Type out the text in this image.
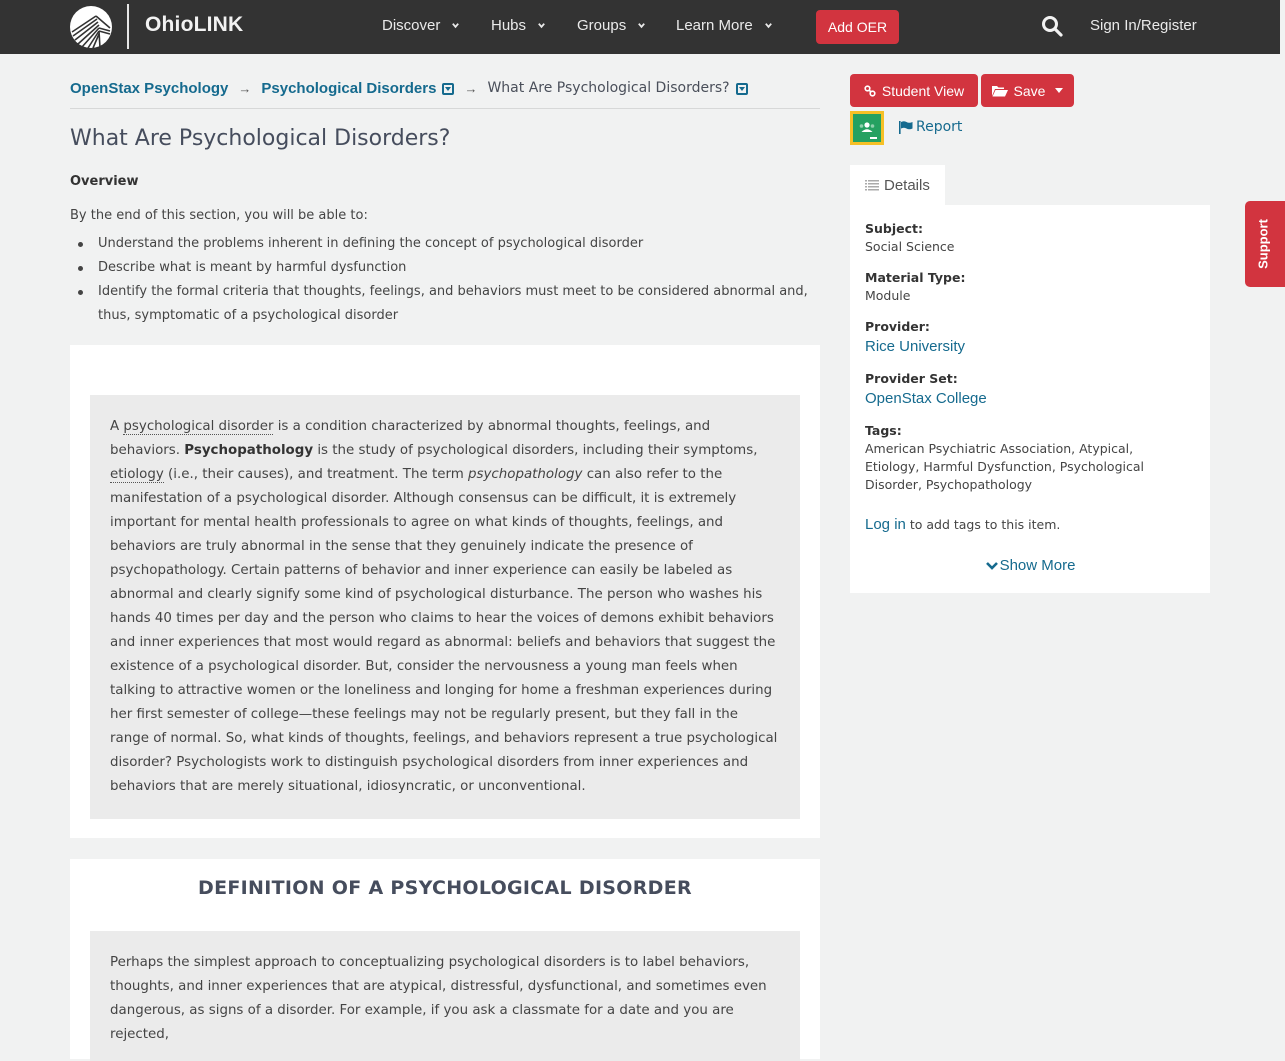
OhioLINK	Discover	Hubs	Groups	Learn More	Add OER	Sign In/Register
OpenStax Psychology → Psychological Disorders → What Are Psychological Disorders?
What Are Psychological Disorders?
Overview

By the end of this section, you will be able to:

Understand the problems inherent in defining the concept of psychological disorder
Describe what is meant by harmful dysfunction
Identify the formal criteria that thoughts, feelings, and behaviors must meet to be considered abnormal and, thus, symptomatic of a psychological disorder
A psychological disorder is a condition characterized by abnormal thoughts, feelings, and behaviors. Psychopathology is the study of psychological disorders, including their symptoms, etiology (i.e., their causes), and treatment. The term psychopathology can also refer to the manifestation of a psychological disorder. Although consensus can be difficult, it is extremely important for mental health professionals to agree on what kinds of thoughts, feelings, and behaviors are truly abnormal in the sense that they genuinely indicate the presence of psychopathology. Certain patterns of behavior and inner experience can easily be labeled as abnormal and clearly signify some kind of psychological disturbance. The person who washes his hands 40 times per day and the person who claims to hear the voices of demons exhibit behaviors and inner experiences that most would regard as abnormal: beliefs and behaviors that suggest the existence of a psychological disorder. But, consider the nervousness a young man feels when talking to attractive women or the loneliness and longing for home a freshman experiences during her first semester of college—these feelings may not be regularly present, but they fall in the range of normal. So, what kinds of thoughts, feelings, and behaviors represent a true psychological disorder? Psychologists work to distinguish psychological disorders from inner experiences and behaviors that are merely situational, idiosyncratic, or unconventional.
DEFINITION OF A PSYCHOLOGICAL DISORDER
Perhaps the simplest approach to conceptualizing psychological disorders is to label behaviors, thoughts, and inner experiences that are atypical, distressful, dysfunctional, and sometimes even dangerous, as signs of a disorder. For example, if you ask a classmate for a date and you are rejected,
Student View	Save
Report
Details
Subject:
Social Science
Material Type:
Module
Provider:
Rice University
Provider Set:
OpenStax College
Tags:
American Psychiatric Association, Atypical, Etiology, Harmful Dysfunction, Psychological Disorder, Psychopathology
Log in to add tags to this item.
Show More
Support
